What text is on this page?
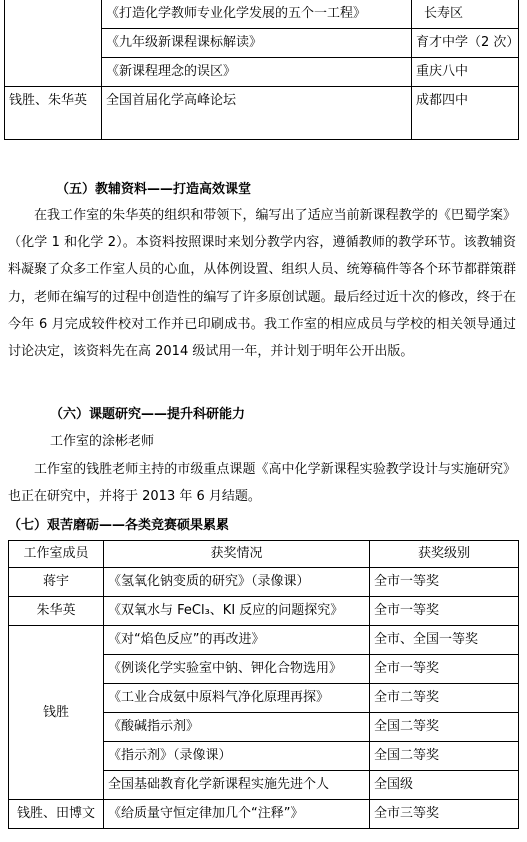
	《打造化学教师专业化学发展的五个一工程》	长寿区
	《九年级新课程课标解读》	育才中学（2 次）
	《新课程理念的误区》	重庆八中
钱胜、朱华英	全国首届化学高峰论坛	成都四中
（五）教辅资料——打造高效课堂
在我工作室的朱华英的组织和带领下，编写出了适应当前新课程教学的《巴蜀学案》（化学 1 和化学 2）。本资料按照课时来划分教学内容，遵循教师的教学环节。该教辅资料凝聚了众多工作室人员的心血，从体例设置、组织人员、统筹稿件等各个环节都群策群力，老师在编写的过程中创造性的编写了许多原创试题。最后经过近十次的修改，终于在今年 6 月完成较件校对工作并已印刷成书。我工作室的相应成员与学校的相关领导通过讨论决定，该资料先在高 2014 级试用一年，并计划于明年公开出版。
（六）课题研究——提升科研能力
工作室的涂彬老师
工作室的钱胜老师主持的市级重点课题《高中化学新课程实验教学设计与实施研究》也正在研究中，并将于 2013 年 6 月结题。
（七）艰苦磨砺——各类竞赛硕果累累
工作室成员	获奖情况	获奖级别
蒋宇	《氢氧化钠变质的研究》（录像课）	全市一等奖
朱华英	《双氧水与 FeCl₃、KI 反应的问题探究》	全市一等奖
钱胜	《对“焰色反应”的再改进》	全市、全国一等奖
	《例谈化学实验室中钠、钾化合物选用》	全市一等奖
	《工业合成氨中原料气净化原理再探》	全市二等奖
	《酸碱指示剂》	全国二等奖
	《指示剂》（录像课）	全国二等奖
	全国基础教育化学新课程实施先进个人	全国级
钱胜、田博文	《给质量守恒定律加几个“注释”》	全市三等奖
